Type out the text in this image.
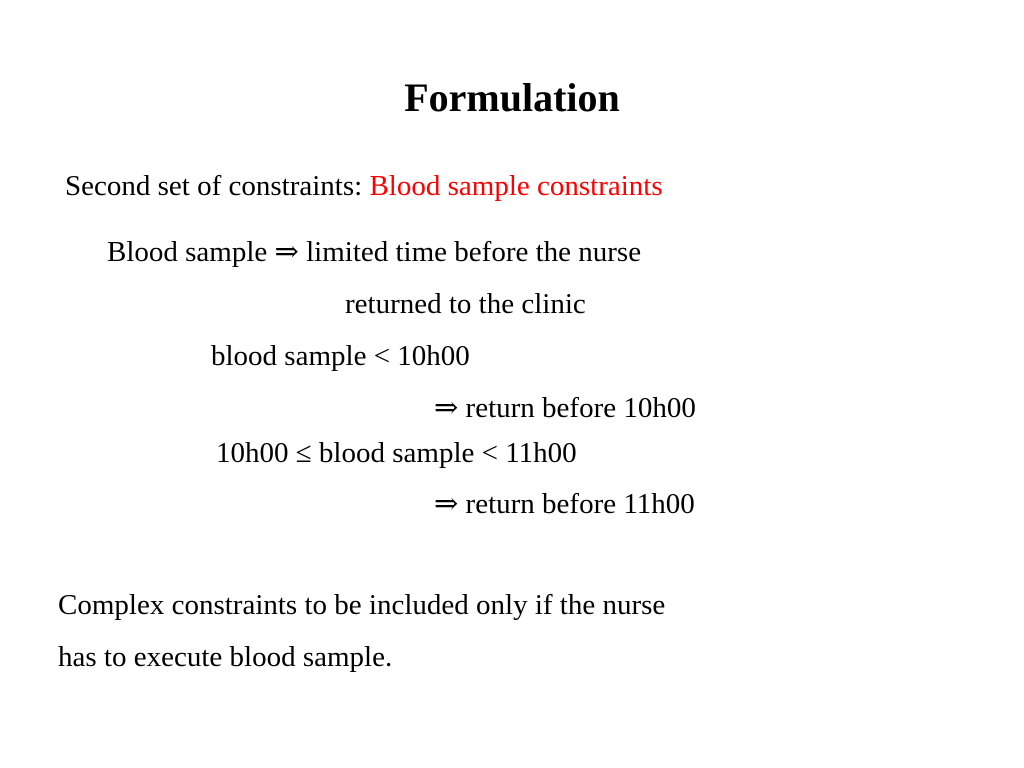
Formulation
Second set of constraints: Blood sample constraints
Blood sample ⇒ limited time before the nurse
returned to the clinic
blood sample < 10h00
⇒ return before 10h00
10h00 ≤ blood sample < 11h00
⇒ return before 11h00
Complex constraints to be included only if the nurse
has to execute blood sample.
